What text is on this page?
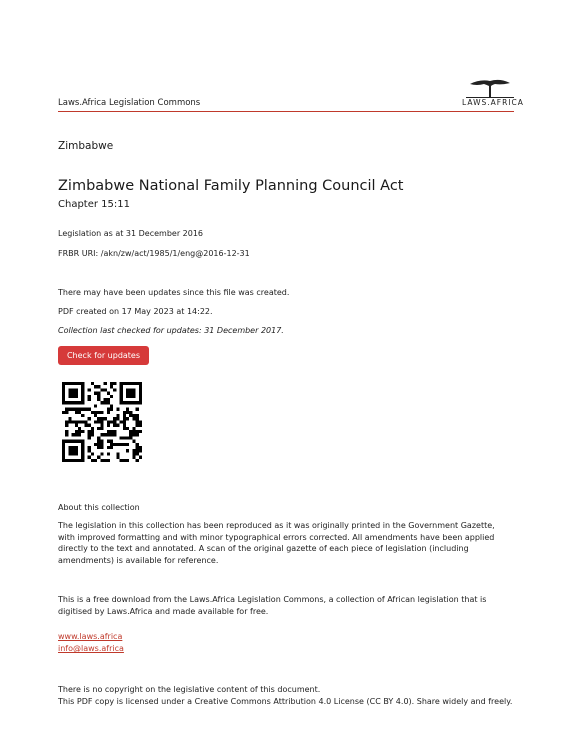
Laws.Africa Legislation Commons	LAWS.AFRICA
Zimbabwe
Zimbabwe National Family Planning Council Act
Chapter 15:11
Legislation as at 31 December 2016
FRBR URI: /akn/zw/act/1985/1/eng@2016-12-31
There may have been updates since this file was created.
PDF created on 17 May 2023 at 14:22.
Collection last checked for updates: 31 December 2017.
Check for updates
About this collection
The legislation in this collection has been reproduced as it was originally printed in the Government Gazette, with improved formatting and with minor typographical errors corrected. All amendments have been applied directly to the text and annotated. A scan of the original gazette of each piece of legislation (including amendments) is available for reference.
This is a free download from the Laws.Africa Legislation Commons, a collection of African legislation that is digitised by Laws.Africa and made available for free.
www.laws.africa
info@laws.africa
There is no copyright on the legislative content of this document.
This PDF copy is licensed under a Creative Commons Attribution 4.0 License (CC BY 4.0). Share widely and freely.
